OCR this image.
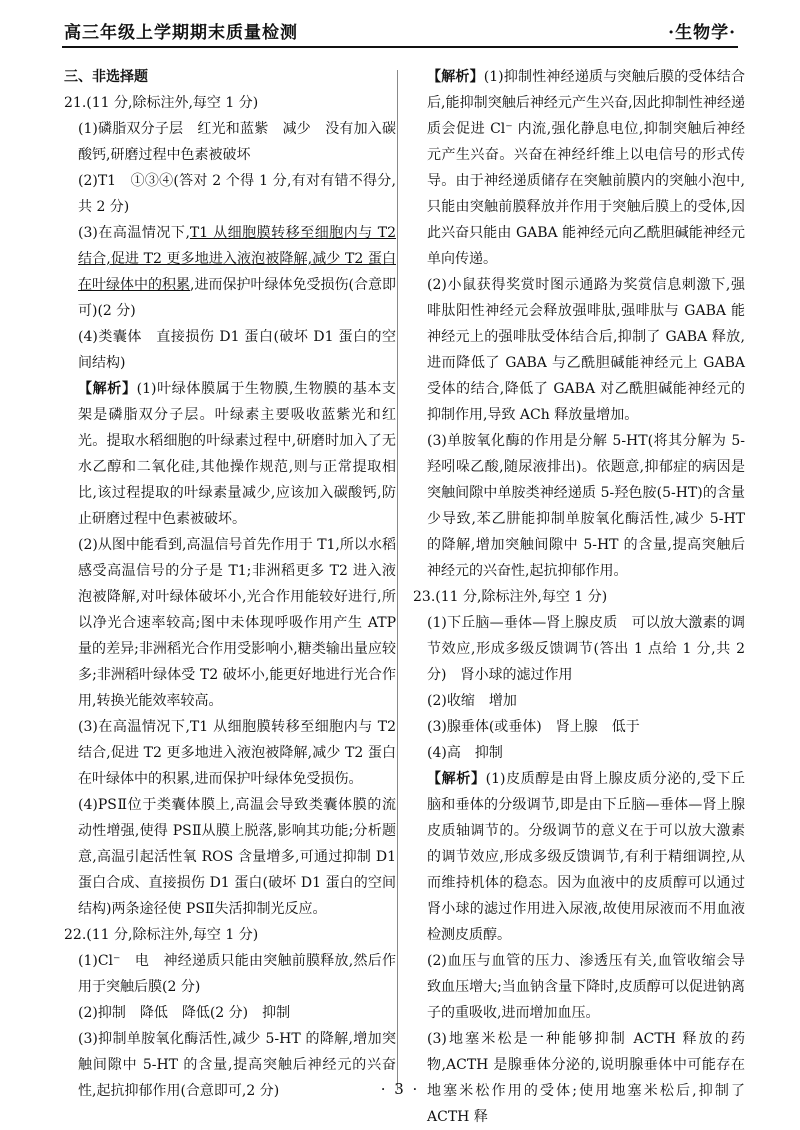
高三年级上学期期末质量检测	·生物学·

三、非选择题

21.(11 分,除标注外,每空 1 分)

(1)磷脂双分子层　红光和蓝紫　减少　没有加入碳酸钙,研磨过程中色素被破坏

(2)T1　①③④(答对 2 个得 1 分,有对有错不得分,共 2 分)

(3)在高温情况下,T1 从细胞膜转移至细胞内与 T2 结合,促进 T2 更多地进入液泡被降解,减少 T2 蛋白在叶绿体中的积累,进而保护叶绿体免受损伤(合意即可)(2 分)

(4)类囊体　直接损伤 D1 蛋白(破坏 D1 蛋白的空间结构)

【解析】(1)叶绿体膜属于生物膜,生物膜的基本支架是磷脂双分子层。叶绿素主要吸收蓝紫光和红光。提取水稻细胞的叶绿素过程中,研磨时加入了无水乙醇和二氧化硅,其他操作规范,则与正常提取相比,该过程提取的叶绿素量减少,应该加入碳酸钙,防止研磨过程中色素被破坏。

(2)从图中能看到,高温信号首先作用于 T1,所以水稻感受高温信号的分子是 T1;非洲稻更多 T2 进入液泡被降解,对叶绿体破坏小,光合作用能较好进行,所以净光合速率较高;图中未体现呼吸作用产生 ATP 量的差异;非洲稻光合作用受影响小,糖类输出量应较多;非洲稻叶绿体受 T2 破坏小,能更好地进行光合作用,转换光能效率较高。

(3)在高温情况下,T1 从细胞膜转移至细胞内与 T2 结合,促进 T2 更多地进入液泡被降解,减少 T2 蛋白在叶绿体中的积累,进而保护叶绿体免受损伤。

(4)PSⅡ位于类囊体膜上,高温会导致类囊体膜的流动性增强,使得 PSⅡ从膜上脱落,影响其功能;分析题意,高温引起活性氧 ROS 含量增多,可通过抑制 D1 蛋白合成、直接损伤 D1 蛋白(破坏 D1 蛋白的空间结构)两条途径使 PSⅡ失活抑制光反应。

22.(11 分,除标注外,每空 1 分)

(1)Cl⁻　电　神经递质只能由突触前膜释放,然后作用于突触后膜(2 分)

(2)抑制　降低　降低(2 分)　抑制

(3)抑制单胺氧化酶活性,减少 5-HT 的降解,增加突触间隙中 5-HT 的含量,提高突触后神经元的兴奋性,起抗抑郁作用(合意即可,2 分)

【解析】(1)抑制性神经递质与突触后膜的受体结合后,能抑制突触后神经元产生兴奋,因此抑制性神经递质会促进 Cl⁻ 内流,强化静息电位,抑制突触后神经元产生兴奋。兴奋在神经纤维上以电信号的形式传导。由于神经递质储存在突触前膜内的突触小泡中,只能由突触前膜释放并作用于突触后膜上的受体,因此兴奋只能由 GABA 能神经元向乙酰胆碱能神经元单向传递。

(2)小鼠获得奖赏时图示通路为奖赏信息刺激下,强啡肽阳性神经元会释放强啡肽,强啡肽与 GABA 能神经元上的强啡肽受体结合后,抑制了 GABA 释放,进而降低了 GABA 与乙酰胆碱能神经元上 GABA 受体的结合,降低了 GABA 对乙酰胆碱能神经元的抑制作用,导致 ACh 释放量增加。

(3)单胺氧化酶的作用是分解 5-HT(将其分解为 5-羟吲哚乙酸,随尿液排出)。依题意,抑郁症的病因是突触间隙中单胺类神经递质 5-羟色胺(5-HT)的含量少导致,苯乙肼能抑制单胺氧化酶活性,减少 5-HT 的降解,增加突触间隙中 5-HT 的含量,提高突触后神经元的兴奋性,起抗抑郁作用。

23.(11 分,除标注外,每空 1 分)

(1)下丘脑—垂体—肾上腺皮质　可以放大激素的调节效应,形成多级反馈调节(答出 1 点给 1 分,共 2 分)　肾小球的滤过作用

(2)收缩　增加

(3)腺垂体(或垂体)　肾上腺　低于

(4)高　抑制

【解析】(1)皮质醇是由肾上腺皮质分泌的,受下丘脑和垂体的分级调节,即是由下丘脑—垂体—肾上腺皮质轴调节的。分级调节的意义在于可以放大激素的调节效应,形成多级反馈调节,有利于精细调控,从而维持机体的稳态。因为血液中的皮质醇可以通过肾小球的滤过作用进入尿液,故使用尿液而不用血液检测皮质醇。

(2)血压与血管的压力、渗透压有关,血管收缩会导致血压增大;当血钠含量下降时,皮质醇可以促进钠离子的重吸收,进而增加血压。

(3)地塞米松是一种能够抑制 ACTH 释放的药物,ACTH 是腺垂体分泌的,说明腺垂体中可能存在地塞米松作用的受体;使用地塞米松后,抑制了 ACTH 释

· 3 ·
